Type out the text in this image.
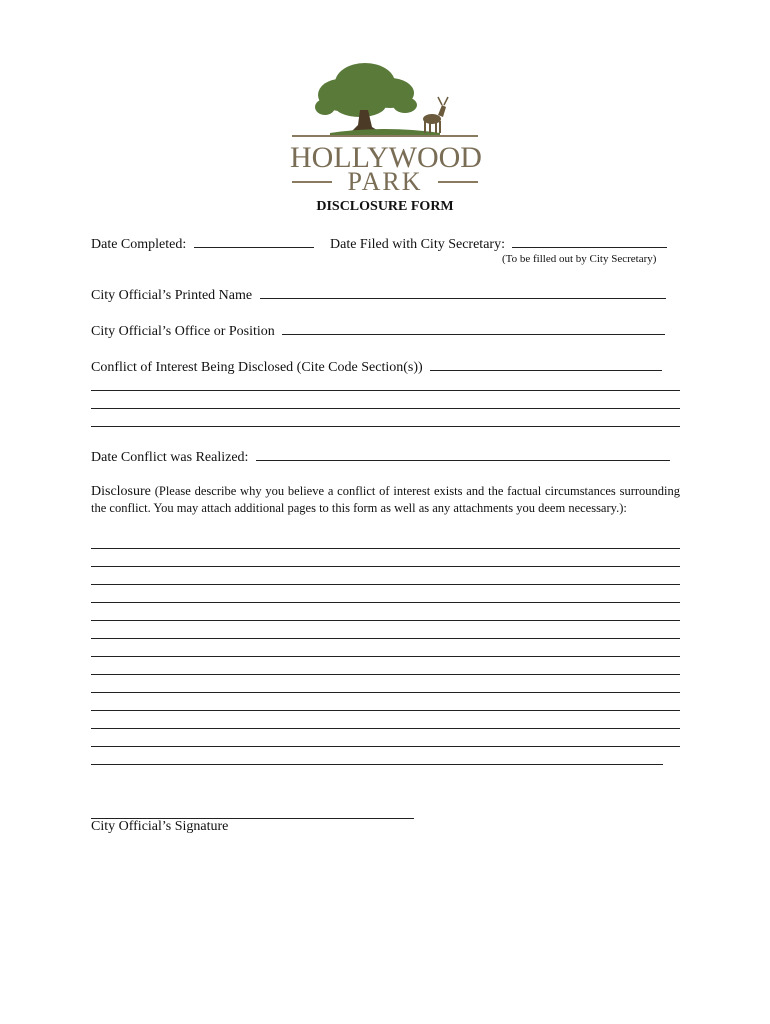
HOLLYWOOD
PARK
DISCLOSURE FORM
Date Completed:	Date Filed with City Secretary:
(To be filled out by City Secretary)
City Official’s Printed Name
City Official’s Office or Position
Conflict of Interest Being Disclosed (Cite Code Section(s))
Date Conflict was Realized:
Disclosure (Please describe why you believe a conflict of interest exists and the factual circumstances surrounding the conflict. You may attach additional pages to this form as well as any attachments you deem necessary.):
City Official’s Signature
